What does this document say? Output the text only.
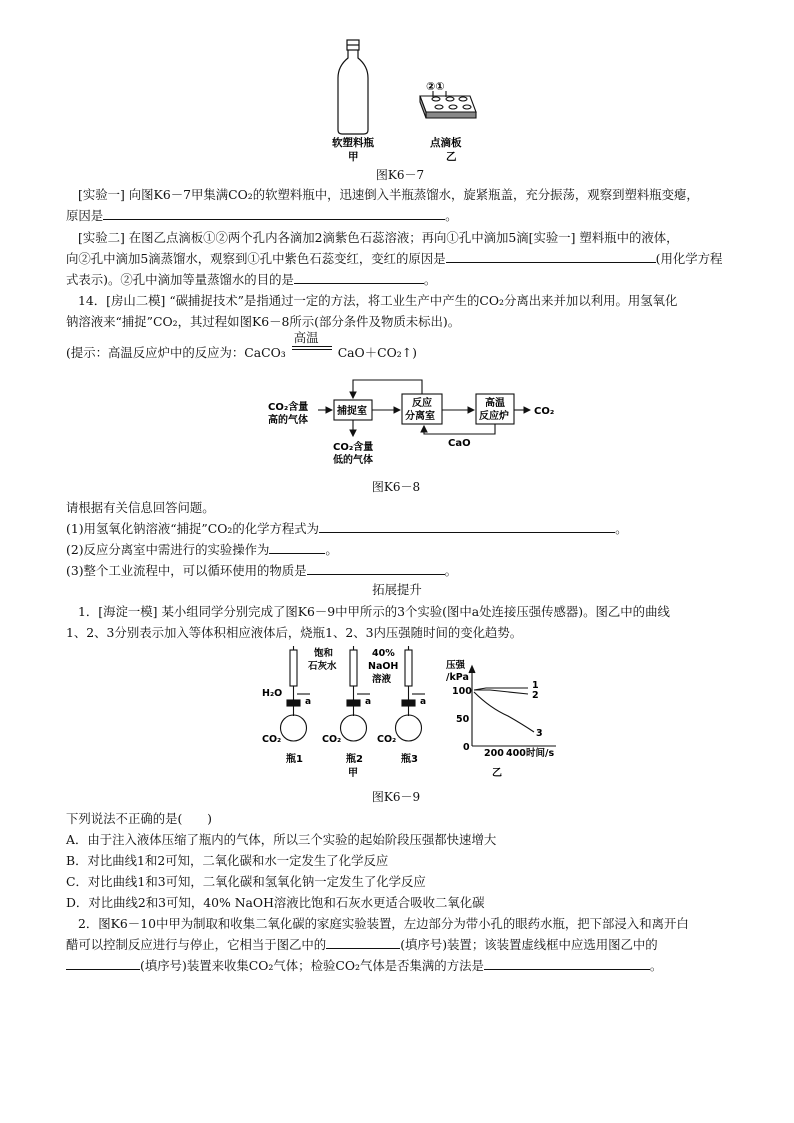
②①
软塑料瓶
甲
点滴板
乙
图K6－7
[实验一] 向图K6－7甲集满CO₂的软塑料瓶中，迅速倒入半瓶蒸馏水，旋紧瓶盖，充分振荡，观察到塑料瓶变瘪，
原因是	。
[实验二] 在图乙点滴板①②两个孔内各滴加2滴紫色石蕊溶液；再向①孔中滴加5滴[实验一] 塑料瓶中的液体，
向②孔中滴加5滴蒸馏水，观察到①孔中紫色石蕊变红，变红的原因是	(用化学方程
式表示)。②孔中滴加等量蒸馏水的目的是	。
14．[房山二模] “碳捕捉技术”是指通过一定的方法，将工业生产中产生的CO₂分离出来并加以利用。用氢氧化
钠溶液来“捕捉”CO₂，其过程如图K6－8所示(部分条件及物质未标出)。
(提示：高温反应炉中的反应为：CaCO₃
高温
CaO＋CO₂↑)
CO₂含量
高的气体
捕捉室
反应
分离室
高温
反应炉	CO₂
CaO
CO₂含量
低的气体
图K6－8
请根据有关信息回答问题。
(1)用氢氧化钠溶液“捕捉”CO₂的化学方程式为	。
(2)反应分离室中需进行的实验操作为	。
(3)整个工业流程中，可以循环使用的物质是	。
拓展提升
1．[海淀一模] 某小组同学分别完成了图K6－9中甲所示的3个实验(图中a处连接压强传感器)。图乙中的曲线
1、2、3分别表示加入等体积相应液体后，烧瓶1、2、3内压强随时间的变化趋势。
H₂O
饱和
石灰水
40%
NaOH
溶液
a	a	a
CO₂	CO₂	CO₂
瓶1	瓶2	瓶3
甲
压强
/kPa
100
50
0
200 400 时间/s
1
2
3
乙
图K6－9
下列说法不正确的是(　　)
A．由于注入液体压缩了瓶内的气体，所以三个实验的起始阶段压强都快速增大
B．对比曲线1和2可知，二氧化碳和水一定发生了化学反应
C．对比曲线1和3可知，二氧化碳和氢氧化钠一定发生了化学反应
D．对比曲线2和3可知，40% NaOH溶液比饱和石灰水更适合吸收二氧化碳
2．图K6－10中甲为制取和收集二氧化碳的家庭实验装置，左边部分为带小孔的眼药水瓶，把下部浸入和离开白
醋可以控制反应进行与停止，它相当于图乙中的	(填序号)装置；该装置虚线框中应选用图乙中的
(填序号)装置来收集CO₂气体；检验CO₂气体是否集满的方法是	。
